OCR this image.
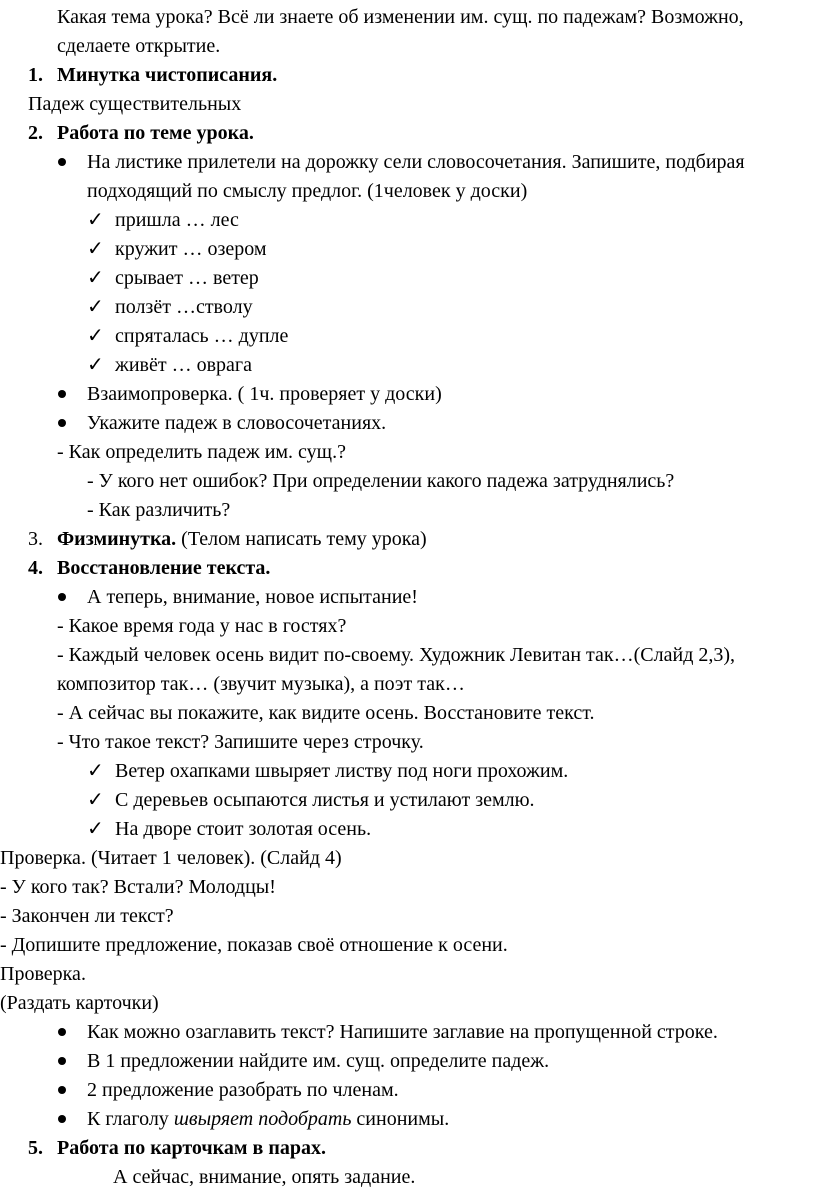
Какая тема урока? Всё ли знаете об изменении им. сущ. по падежам? Возможно,
сделаете открытие.
1. Минутка чистописания.
Падеж существительных
2. Работа по теме урока.
На листике прилетели на дорожку сели словосочетания. Запишите, подбирая
подходящий по смыслу предлог. (1человек у доски)
✓ пришла … лес
✓ кружит … озером
✓ срывает … ветер
✓ ползёт …стволу
✓ спряталась … дупле
✓ живёт … оврага
Взаимопроверка. ( 1ч. проверяет у доски)
Укажите падеж в словосочетаниях.
- Как определить падеж им. сущ.?
- У кого нет ошибок? При определении какого падежа затруднялись?
- Как различить?
3. Физминутка. (Телом написать тему урока)
4. Восстановление текста.
А теперь, внимание, новое испытание!
- Какое время года у нас в гостях?
- Каждый человек осень видит по-своему. Художник Левитан так…(Слайд 2,3),
композитор так… (звучит музыка), а поэт так…
- А сейчас вы покажите, как видите осень. Восстановите текст.
- Что такое текст? Запишите через строчку.
✓ Ветер охапками швыряет листву под ноги прохожим.
✓ С деревьев осыпаются листья и устилают землю.
✓ На дворе стоит золотая осень.
Проверка. (Читает 1 человек). (Слайд 4)
- У кого так? Встали? Молодцы!
- Закончен ли текст?
- Допишите предложение, показав своё отношение к осени.
Проверка.
(Раздать карточки)
Как можно озаглавить текст? Напишите заглавие на пропущенной строке.
В 1 предложении найдите им. сущ. определите падеж.
2 предложение разобрать по членам.
К глаголу швыряет подобрать синонимы.
5. Работа по карточкам в парах.
А сейчас, внимание, опять задание.
